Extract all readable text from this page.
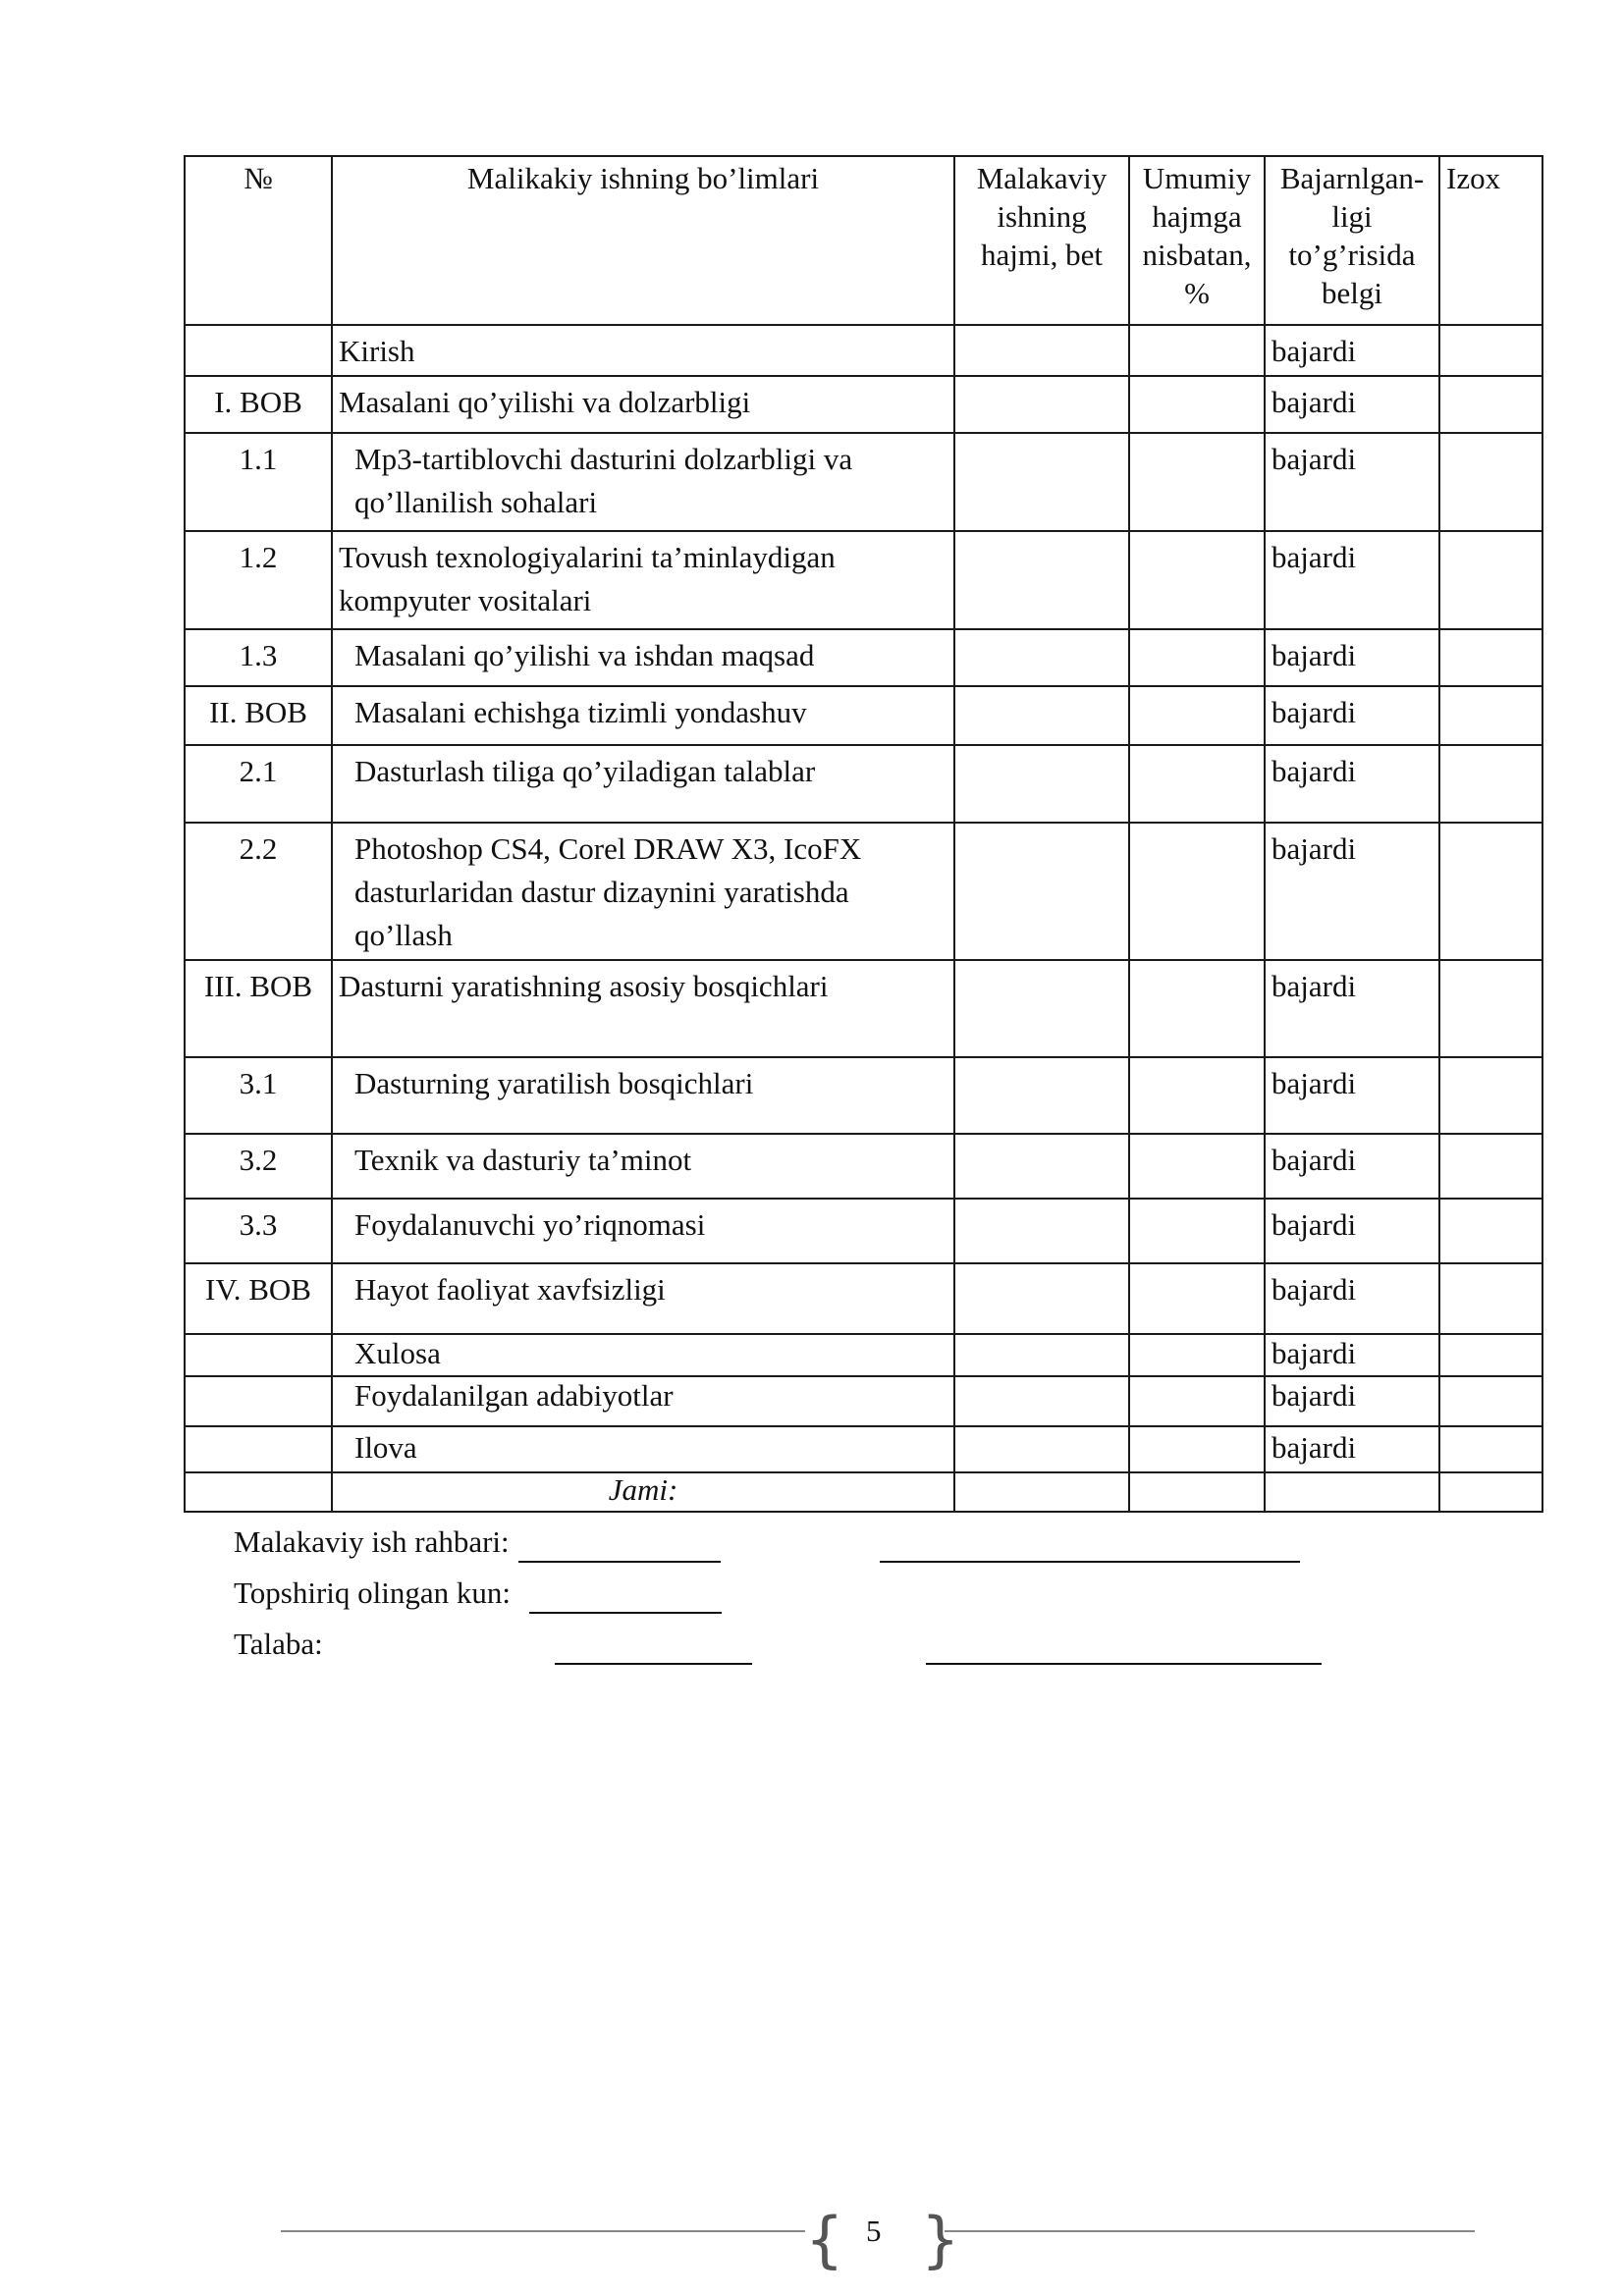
№	Malikakiy ishning bo’limlari	Malakaviy ishning hajmi, bet	Umumiy hajmga nisbatan, %	Bajarnlgan-ligi to’g’risida belgi	Izox
	Kirish			bajardi	
I. BOB	Masalani qo’yilishi va dolzarbligi			bajardi	
1.1	Mp3-tartiblovchi dasturini dolzarbligi va qo’llanilish sohalari			bajardi	
1.2	Tovush texnologiyalarini ta’minlaydigan kompyuter vositalari			bajardi	
1.3	Masalani qo’yilishi va ishdan maqsad			bajardi	
II. BOB	Masalani echishga tizimli yondashuv			bajardi	
2.1	Dasturlash tiliga qo’yiladigan talablar			bajardi	
2.2	Photoshop CS4, Corel DRAW X3, IcoFX dasturlaridan dastur dizaynini yaratishda qo’llash			bajardi	
III. BOB	Dasturni yaratishning asosiy bosqichlari			bajardi	
3.1	Dasturning yaratilish bosqichlari			bajardi	
3.2	Texnik va dasturiy ta’minot			bajardi	
3.3	Foydalanuvchi yo’riqnomasi			bajardi	
IV. BOB	Hayot faoliyat xavfsizligi			bajardi	
	Xulosa			bajardi	
	Foydalanilgan adabiyotlar			bajardi	
	Ilova			bajardi	
	Jami:				
Malakaviy ish rahbari:
Topshiriq olingan kun:
Talaba:
{ 5 }
